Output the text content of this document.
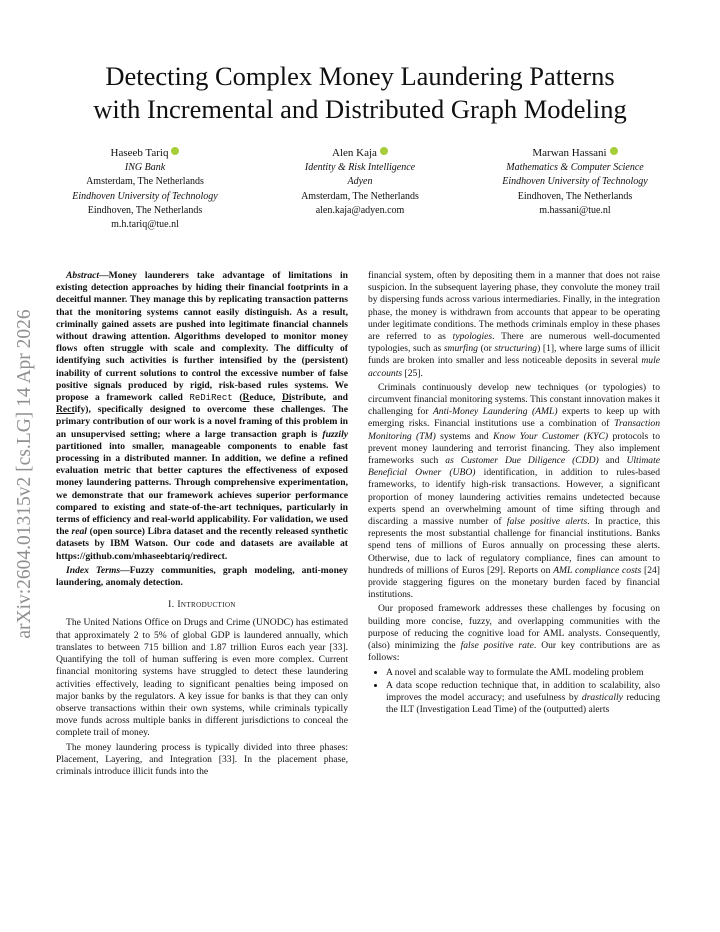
Detecting Complex Money Laundering Patterns
with Incremental and Distributed Graph Modeling
Haseeb Tariq
ING Bank
Amsterdam, The Netherlands
Eindhoven University of Technology
Eindhoven, The Netherlands
m.h.tariq@tue.nl
Alen Kaja
Identity & Risk Intelligence
Adyen
Amsterdam, The Netherlands
alen.kaja@adyen.com
Marwan Hassani
Mathematics & Computer Science
Eindhoven University of Technology
Eindhoven, The Netherlands
m.hassani@tue.nl
arXiv:2604.01315v2 [cs.LG] 14 Apr 2026

Abstract—Money launderers take advantage of limitations in existing detection approaches by hiding their financial footprints in a deceitful manner. They manage this by replicating transaction patterns that the monitoring systems cannot easily distinguish. As a result, criminally gained assets are pushed into legitimate financial channels without drawing attention. Algorithms developed to monitor money flows often struggle with scale and complexity. The difficulty of identifying such activities is further intensified by the (persistent) inability of current solutions to control the excessive number of false positive signals produced by rigid, risk-based rules systems. We propose a framework called ReDiRect (Reduce, Distribute, and Rectify), specifically designed to overcome these challenges. The primary contribution of our work is a novel framing of this problem in an unsupervised setting; where a large transaction graph is fuzzily partitioned into smaller, manageable components to enable fast processing in a distributed manner. In addition, we define a refined evaluation metric that better captures the effectiveness of exposed money laundering patterns. Through comprehensive experimentation, we demonstrate that our framework achieves superior performance compared to existing and state-of-the-art techniques, particularly in terms of efficiency and real-world applicability. For validation, we used the real (open source) Libra dataset and the recently released synthetic datasets by IBM Watson. Our code and datasets are available at https://github.com/mhaseebtariq/redirect.

Index Terms—Fuzzy communities, graph modeling, anti-money laundering, anomaly detection.

I. Introduction

The United Nations Office on Drugs and Crime (UNODC) has estimated that approximately 2 to 5% of global GDP is laundered annually, which translates to between 715 billion and 1.87 trillion Euros each year [33]. Quantifying the toll of human suffering is even more complex. Current financial monitoring systems have struggled to detect these laundering activities effectively, leading to significant penalties being imposed on major banks by the regulators. A key issue for banks is that they can only observe transactions within their own systems, while criminals typically move funds across multiple banks in different jurisdictions to conceal the complete trail of money.

The money laundering process is typically divided into three phases: Placement, Layering, and Integration [33]. In the placement phase, criminals introduce illicit funds into the

financial system, often by depositing them in a manner that does not raise suspicion. In the subsequent layering phase, they convolute the money trail by dispersing funds across various intermediaries. Finally, in the integration phase, the money is withdrawn from accounts that appear to be operating under legitimate conditions. The methods criminals employ in these phases are referred to as typologies. There are numerous well-documented typologies, such as smurfing (or structuring) [1], where large sums of illicit funds are broken into smaller and less noticeable deposits in several mule accounts [25].

Criminals continuously develop new techniques (or typologies) to circumvent financial monitoring systems. This constant innovation makes it challenging for Anti-Money Laundering (AML) experts to keep up with emerging risks. Financial institutions use a combination of Transaction Monitoring (TM) systems and Know Your Customer (KYC) protocols to prevent money laundering and terrorist financing. They also implement frameworks such as Customer Due Diligence (CDD) and Ultimate Beneficial Owner (UBO) identification, in addition to rules-based frameworks, to identify high-risk transactions. However, a significant proportion of money laundering activities remains undetected because experts spend an overwhelming amount of time sifting through and discarding a massive number of false positive alerts. In practice, this represents the most substantial challenge for financial institutions. Banks spend tens of millions of Euros annually on processing these alerts. Otherwise, due to lack of regulatory compliance, fines can amount to hundreds of millions of Euros [29]. Reports on AML compliance costs [24] provide staggering figures on the monetary burden faced by financial institutions.

Our proposed framework addresses these challenges by focusing on building more concise, fuzzy, and overlapping communities with the purpose of reducing the cognitive load for AML analysts. Consequently, (also) minimizing the false positive rate. Our key contributions are as follows:

• A novel and scalable way to formulate the AML modeling problem
• A data scope reduction technique that, in addition to scalability, also improves the model accuracy; and usefulness by drastically reducing the ILT (Investigation Lead Time) of the (outputted) alerts
